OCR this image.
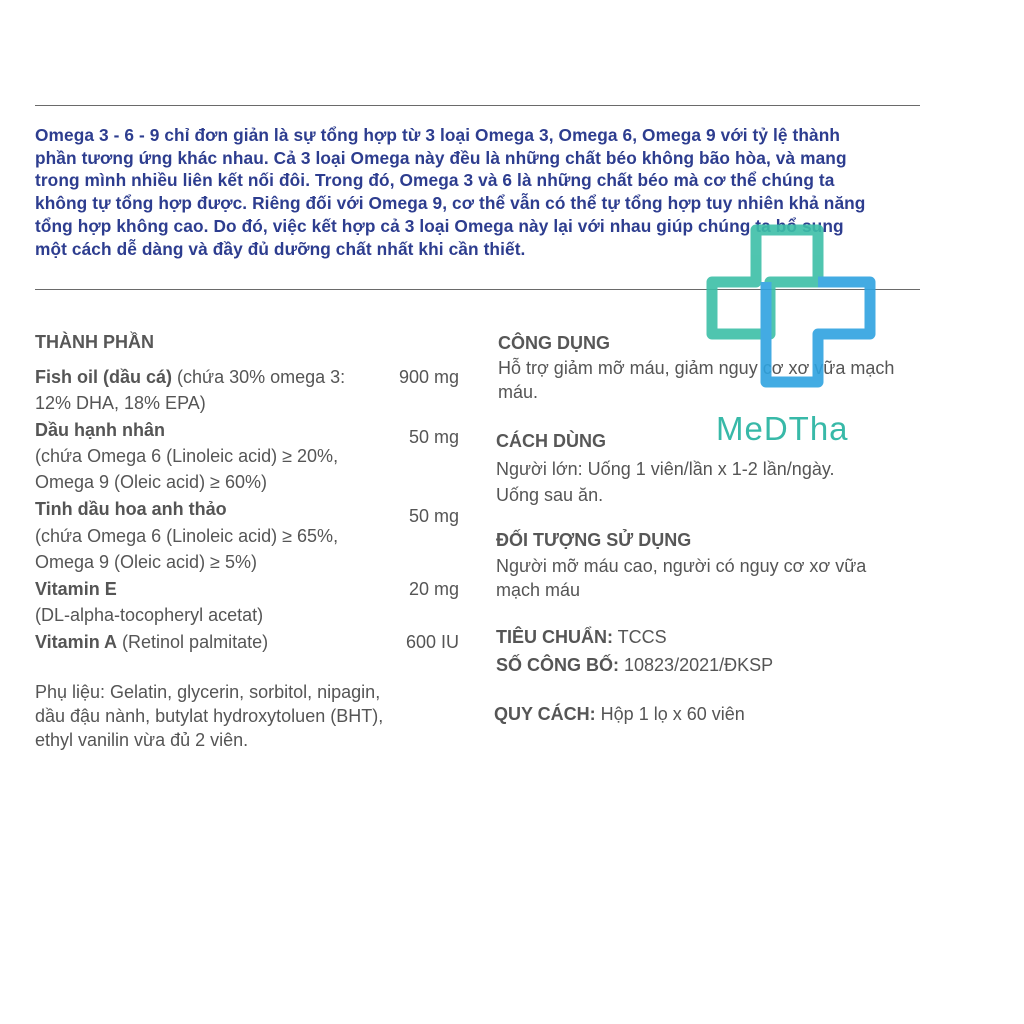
Omega 3 - 6 - 9 chỉ đơn giản là sự tổng hợp từ 3 loại Omega 3, Omega 6, Omega 9 với tỷ lệ thành
phần tương ứng khác nhau. Cả 3 loại Omega này đều là những chất béo không bão hòa, và mang
trong mình nhiều liên kết nối đôi. Trong đó, Omega 3 và 6 là những chất béo mà cơ thể chúng ta
không tự tổng hợp được. Riêng đối với Omega 9, cơ thể vẫn có thể tự tổng hợp tuy nhiên khả năng
tổng hợp không cao. Do đó, việc kết hợp cả 3 loại Omega này lại với nhau giúp chúng ta bổ sung
một cách dễ dàng và đầy đủ dưỡng chất nhất khi cần thiết.
THÀNH PHẦN
Fish oil (dầu cá) (chứa 30% omega 3:
12% DHA, 18% EPA)
900 mg
Dầu hạnh nhân
(chứa Omega 6 (Linoleic acid) ≥ 20%,
Omega 9 (Oleic acid) ≥ 60%)
50 mg
Tinh dầu hoa anh thảo
(chứa Omega 6 (Linoleic acid) ≥ 65%,
Omega 9 (Oleic acid) ≥ 5%)
50 mg
Vitamin E
(DL-alpha-tocopheryl acetat)
20 mg
Vitamin A (Retinol palmitate)	600 IU
Phụ liệu: Gelatin, glycerin, sorbitol, nipagin,
dầu đậu nành, butylat hydroxytoluen (BHT),
ethyl vanilin vừa đủ 2 viên.
CÔNG DỤNG
Hỗ trợ giảm mỡ máu, giảm nguy cơ xơ vữa mạch
máu.
CÁCH DÙNG
Người lớn: Uống 1 viên/lần x 1-2 lần/ngày.
Uống sau ăn.
ĐỐI TƯỢNG SỬ DỤNG
Người mỡ máu cao, người có nguy cơ xơ vữa
mạch máu
TIÊU CHUẨN: TCCS
SỐ CÔNG BỐ: 10823/2021/ĐKSP
QUY CÁCH: Hộp 1 lọ x 60 viên
MeDTha
